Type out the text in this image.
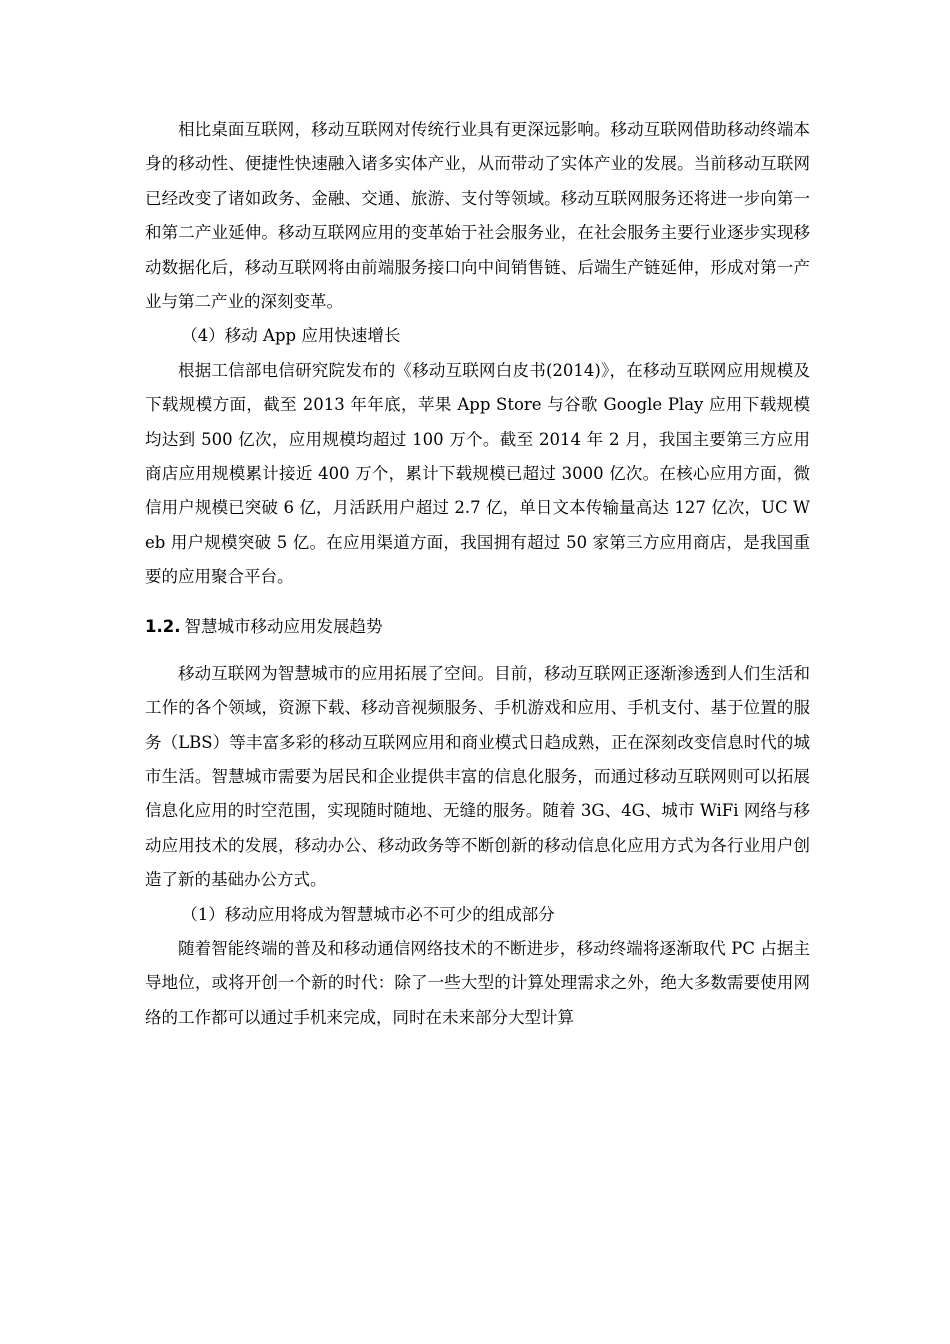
相比桌面互联网，移动互联网对传统行业具有更深远影响。移动互联网借助移动终端本身的移动性、便捷性快速融入诸多实体产业，从而带动了实体产业的发展。当前移动互联网已经改变了诸如政务、金融、交通、旅游、支付等领域。移动互联网服务还将进一步向第一和第二产业延伸。移动互联网应用的变革始于社会服务业，在社会服务主要行业逐步实现移动数据化后，移动互联网将由前端服务接口向中间销售链、后端生产链延伸，形成对第一产业与第二产业的深刻变革。

（4）移动 App 应用快速增长

根据工信部电信研究院发布的《移动互联网白皮书(2014)》，在移动互联网应用规模及下载规模方面，截至 2013 年年底，苹果 App Store 与谷歌 Google Play 应用下载规模均达到 500 亿次，应用规模均超过 100 万个。截至 2014 年 2 月，我国主要第三方应用商店应用规模累计接近 400 万个，累计下载规模已超过 3000 亿次。在核心应用方面，微信用户规模已突破 6 亿，月活跃用户超过 2.7 亿，单日文本传输量高达 127 亿次，UC Web 用户规模突破 5 亿。在应用渠道方面，我国拥有超过 50 家第三方应用商店，是我国重要的应用聚合平台。

1.2. 智慧城市移动应用发展趋势

移动互联网为智慧城市的应用拓展了空间。目前，移动互联网正逐渐渗透到人们生活和工作的各个领域，资源下载、移动音视频服务、手机游戏和应用、手机支付、基于位置的服务（LBS）等丰富多彩的移动互联网应用和商业模式日趋成熟，正在深刻改变信息时代的城市生活。智慧城市需要为居民和企业提供丰富的信息化服务，而通过移动互联网则可以拓展信息化应用的时空范围，实现随时随地、无缝的服务。随着 3G、4G、城市 WiFi 网络与移动应用技术的发展，移动办公、移动政务等不断创新的移动信息化应用方式为各行业用户创造了新的基础办公方式。

（1）移动应用将成为智慧城市必不可少的组成部分

随着智能终端的普及和移动通信网络技术的不断进步，移动终端将逐渐取代 PC 占据主导地位，或将开创一个新的时代：除了一些大型的计算处理需求之外，绝大多数需要使用网络的工作都可以通过手机来完成，同时在未来部分大型计算
